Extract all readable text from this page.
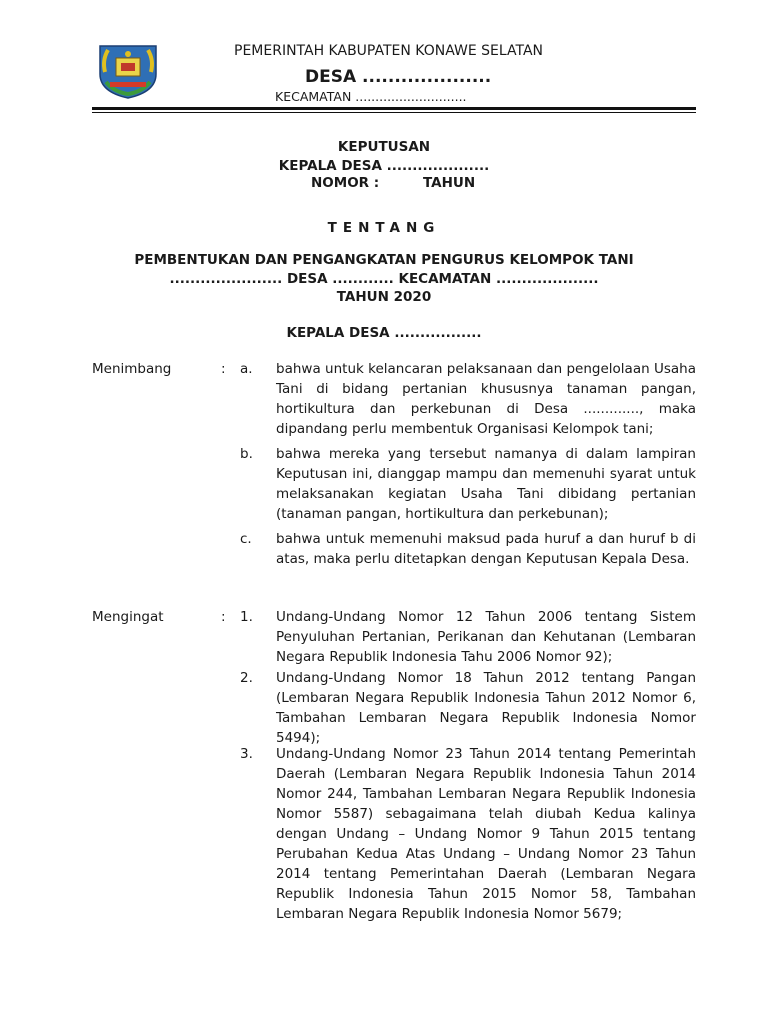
PEMERINTAH KABUPATEN KONAWE SELATAN
DESA ....................
KECAMATAN ............................
KEPUTUSAN
KEPALA DESA ....................
NOMOR :	TAHUN
TENTANG
PEMBENTUKAN DAN PENGANGKATAN PENGURUS KELOMPOK TANI
...................... DESA ............ KECAMATAN ....................
TAHUN 2020
KEPALA DESA .................
Menimbang	: a. bahwa untuk kelancaran pelaksanaan dan pengelolaan Usaha Tani di bidang pertanian khususnya tanaman pangan, hortikultura dan perkebunan di Desa ............., maka dipandang perlu membentuk Organisasi Kelompok tani;
b. bahwa mereka yang tersebut namanya di dalam lampiran Keputusan ini, dianggap mampu dan memenuhi syarat untuk melaksanakan kegiatan Usaha Tani dibidang pertanian (tanaman pangan, hortikultura dan perkebunan);
c. bahwa untuk memenuhi maksud pada huruf a dan huruf b di atas, maka perlu ditetapkan dengan Keputusan Kepala Desa.
Mengingat	: 1. Undang-Undang Nomor 12 Tahun 2006 tentang Sistem Penyuluhan Pertanian, Perikanan dan Kehutanan (Lembaran Negara Republik Indonesia Tahu 2006 Nomor 92);
2. Undang-Undang Nomor 18 Tahun 2012 tentang Pangan (Lembaran Negara Republik Indonesia Tahun 2012 Nomor 6, Tambahan Lembaran Negara Republik Indonesia Nomor 5494);
3. Undang-Undang Nomor 23 Tahun 2014 tentang Pemerintah Daerah (Lembaran Negara Republik Indonesia Tahun 2014 Nomor 244, Tambahan Lembaran Negara Republik Indonesia Nomor 5587) sebagaimana telah diubah Kedua kalinya dengan Undang – Undang Nomor 9 Tahun 2015 tentang Perubahan Kedua Atas Undang – Undang Nomor 23 Tahun 2014 tentang Pemerintahan Daerah (Lembaran Negara Republik Indonesia Tahun 2015 Nomor 58, Tambahan Lembaran Negara Republik Indonesia Nomor 5679;
